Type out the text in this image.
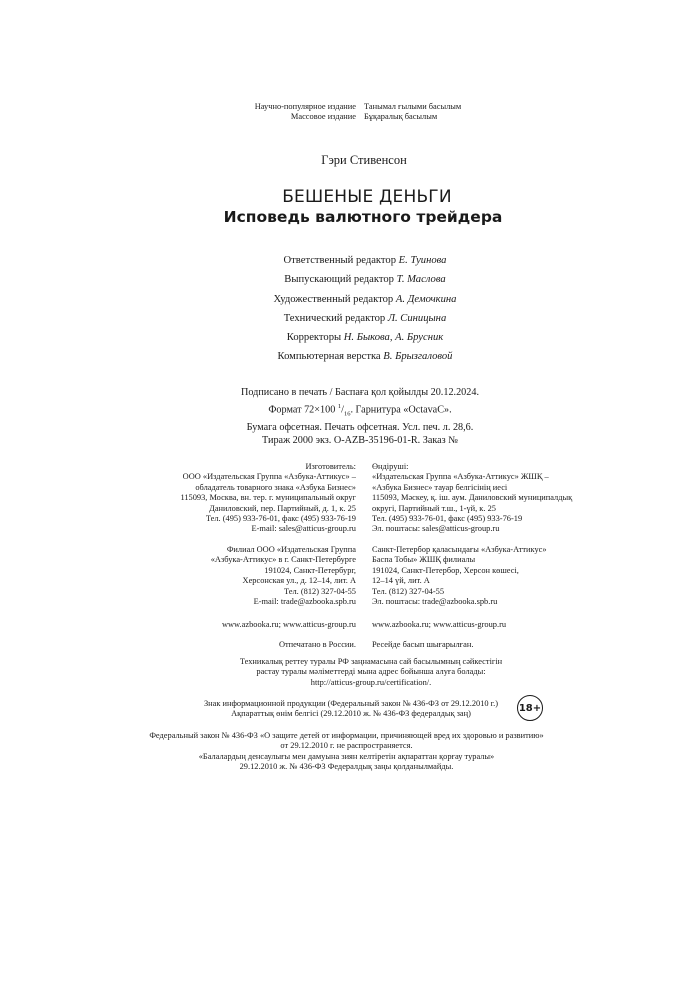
Научно-популярное издание
Массовое издание
Танымал ғылыми басылым
Бұқаралық басылым
Гэри Стивенсон
БЕШЕНЫЕ ДЕНЬГИ
Исповедь валютного трейдера
Ответственный редактор Е. Туинова
Выпускающий редактор Т. Маслова
Художественный редактор А. Демочкина
Технический редактор Л. Синицына
Корректоры Н. Быкова, А. Брусник
Компьютерная верстка В. Брызгаловой
Подписано в печать / Баспаға қол қойылды 20.12.2024.
Формат 72×100 $^1/_{16}$. Гарнитура «OctavaC».
Бумага офсетная. Печать офсетная. Усл. печ. л. 28,6.
Тираж 2000 экз. O-AZB-35196-01-R. Заказ №
Изготовитель:
ООО «Издательская Группа «Азбука-Аттикус» –
обладатель товарного знака «Азбука Бизнес»
115093, Москва, вн. тер. г. муниципальный округ
Даниловский, пер. Партийный, д. 1, к. 25
Тел. (495) 933-76-01, факс (495) 933-76-19
E-mail: sales@atticus-group.ru
Өндіруші:
«Издательская Группа «Азбука-Аттикус» ЖШҚ –
«Азбука Бизнес» тауар белгісінің иесі
115093, Мәскеу, қ. іш. аум. Даниловский муниципалдық
округі, Партийный т.ш., 1-үй, к. 25
Тел. (495) 933-76-01, факс (495) 933-76-19
Эл. поштасы: sales@atticus-group.ru
Филиал ООО «Издательская Группа
«Азбука-Аттикус» в г. Санкт-Петербурге
191024, Санкт-Петербург,
Херсонская ул., д. 12–14, лит. А
Тел. (812) 327-04-55
E-mail: trade@azbooka.spb.ru
Санкт-Петербор қаласындағы «Азбука-Аттикус»
Баспа Тобы» ЖШҚ филиалы
191024, Санкт-Петербор, Херсон көшесі,
12–14 үй, лит. А
Тел. (812) 327-04-55
Эл. поштасы: trade@azbooka.spb.ru
www.azbooka.ru; www.atticus-group.ru www.azbooka.ru; www.atticus-group.ru
Отпечатано в России. Ресейде басып шығарылған.
Техникалық реттеу туралы РФ заңнамасына сай басылымның сәйкестігін
растау туралы мәліметтерді мына адрес бойынша алуға болады:
http://atticus-group.ru/certification/.
Знак информационной продукции (Федеральный закон № 436-ФЗ от 29.12.2010 г.)
Ақпараттық өнім белгісі (29.12.2010 ж. № 436-ФЗ федералдық заң)
18+
Федеральный закон № 436-ФЗ «О защите детей от информации, причиняющей вред их здоровью и развитию»
от 29.12.2010 г. не распространяется.
«Балалардың денсаулығы мен дамуына зиян келтіретін ақпараттан қорғау туралы»
29.12.2010 ж. № 436-ФЗ Федералдық заңы қолданылмайды.
